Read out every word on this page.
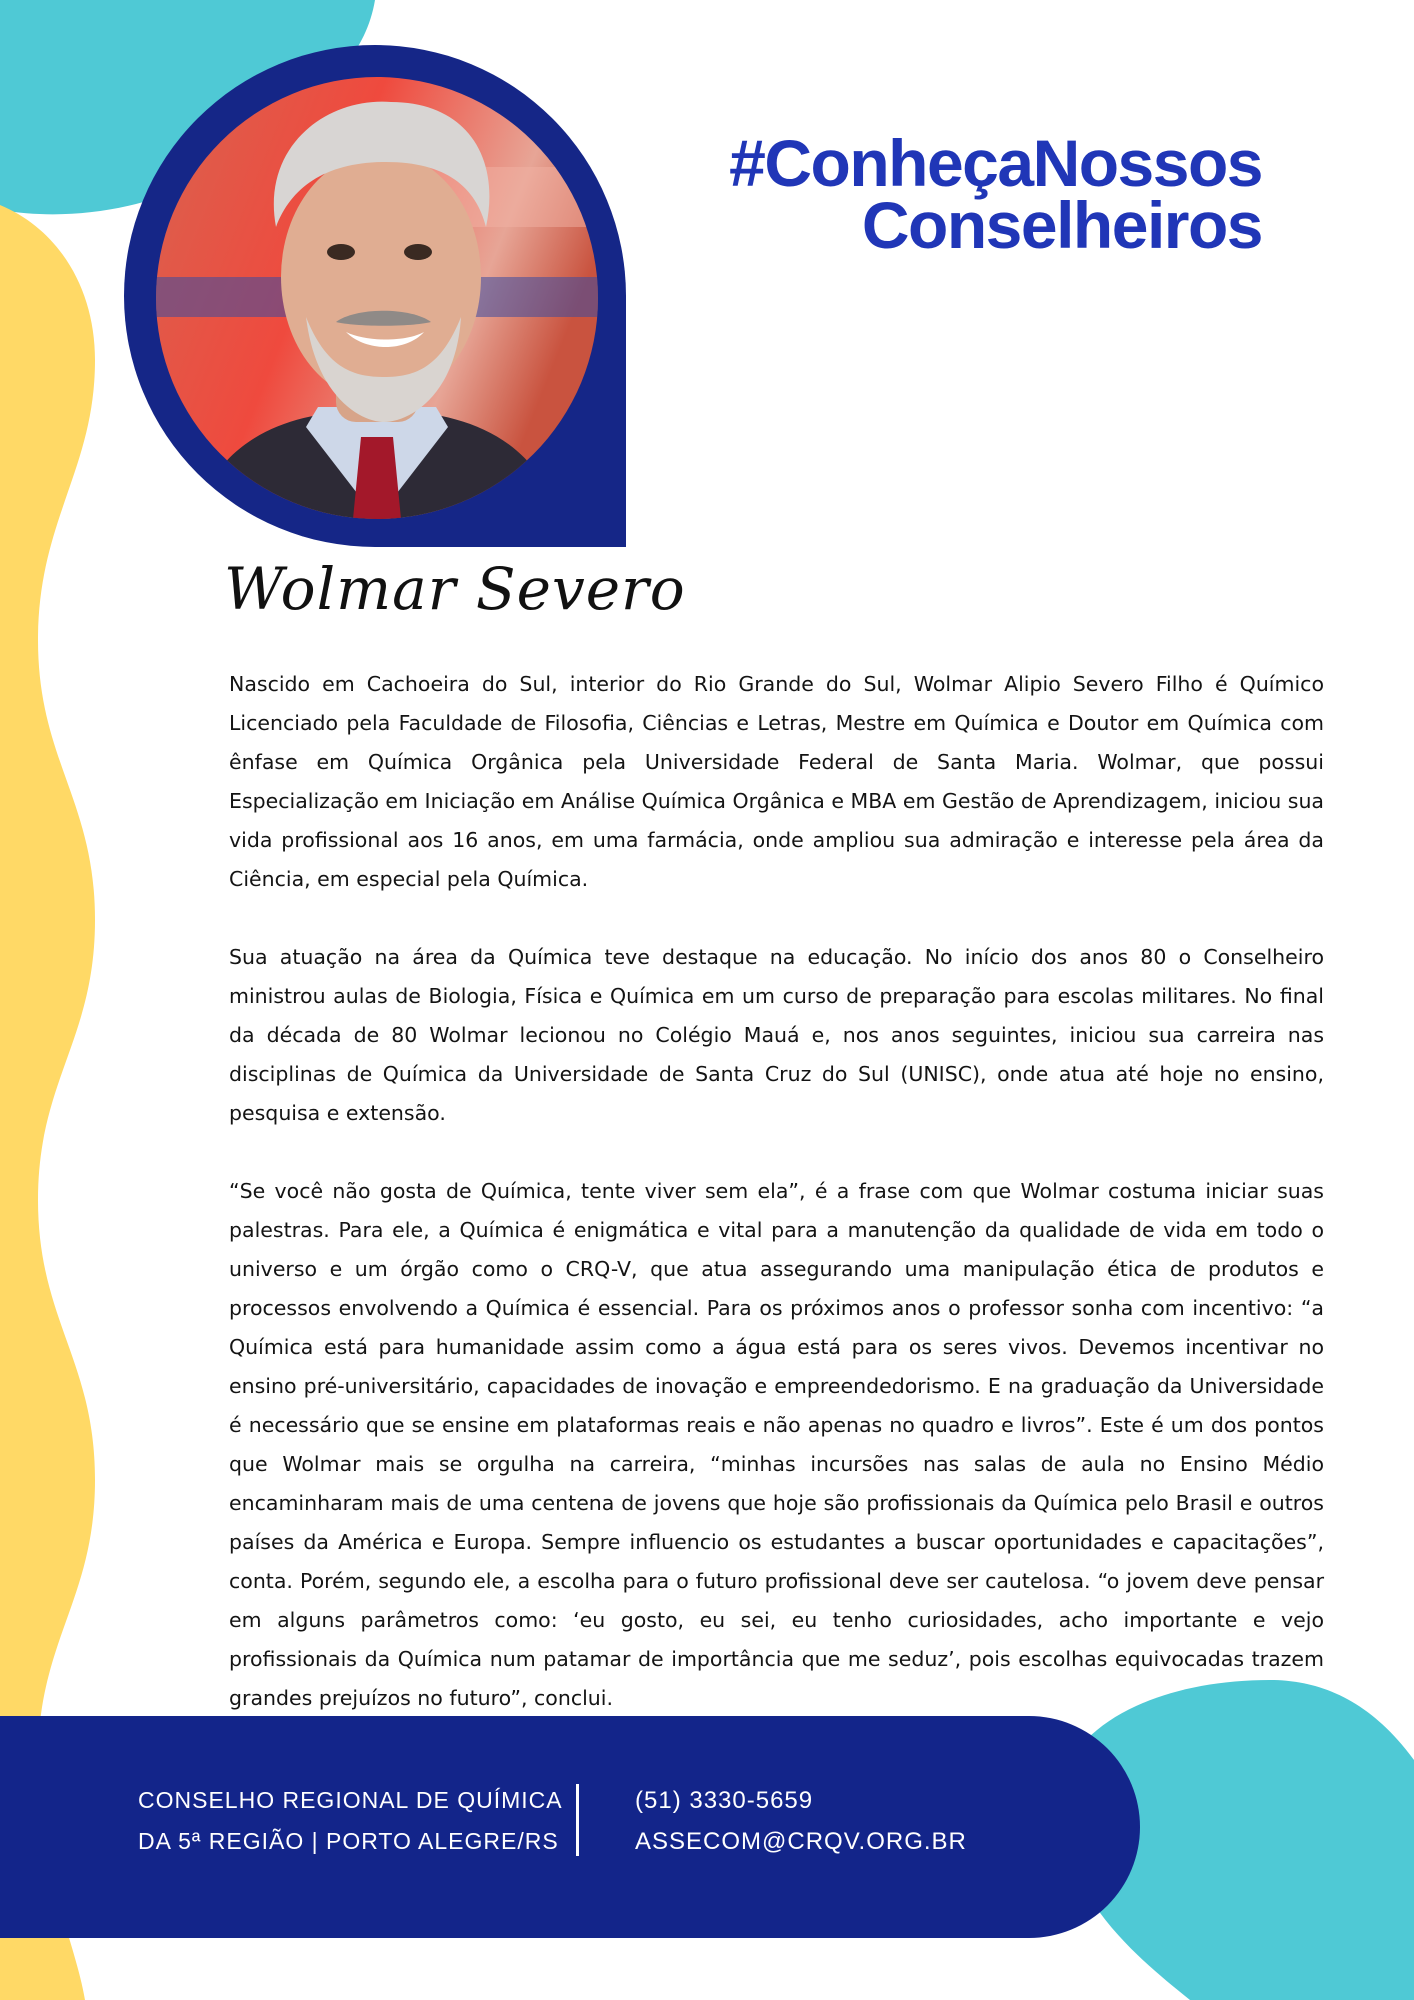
#ConheçaNossos
Conselheiros
Wolmar Severo

Nascido em Cachoeira do Sul, interior do Rio Grande do Sul, Wolmar Alipio Severo Filho é Químico Licenciado pela Faculdade de Filosofia, Ciências e Letras, Mestre em Química e Doutor em Química com ênfase em Química Orgânica pela Universidade Federal de Santa Maria. Wolmar, que possui Especialização em Iniciação em Análise Química Orgânica e MBA em Gestão de Aprendizagem, iniciou sua vida profissional aos 16 anos, em uma farmácia, onde ampliou sua admiração e interesse pela área da Ciência, em especial pela Química.

Sua atuação na área da Química teve destaque na educação. No início dos anos 80 o Conselheiro ministrou aulas de Biologia, Física e Química em um curso de preparação para escolas militares. No final da década de 80 Wolmar lecionou no Colégio Mauá e, nos anos seguintes, iniciou sua carreira nas disciplinas de Química da Universidade de Santa Cruz do Sul (UNISC), onde atua até hoje no ensino, pesquisa e extensão.

“Se você não gosta de Química, tente viver sem ela”, é a frase com que Wolmar costuma iniciar suas palestras. Para ele, a Química é enigmática e vital para a manutenção da qualidade de vida em todo o universo e um órgão como o CRQ-V, que atua assegurando uma manipulação ética de produtos e processos envolvendo a Química é essencial. Para os próximos anos o professor sonha com incentivo: “a Química está para humanidade assim como a água está para os seres vivos. Devemos incentivar no ensino pré-universitário, capacidades de inovação e empreendedorismo. E na graduação da Universidade é necessário que se ensine em plataformas reais e não apenas no quadro e livros”. Este é um dos pontos que Wolmar mais se orgulha na carreira, “minhas incursões nas salas de aula no Ensino Médio encaminharam mais de uma centena de jovens que hoje são profissionais da Química pelo Brasil e outros países da América e Europa. Sempre influencio os estudantes a buscar oportunidades e capacitações”, conta. Porém, segundo ele, a escolha para o futuro profissional deve ser cautelosa. “o jovem deve pensar em alguns parâmetros como: ‘eu gosto, eu sei, eu tenho curiosidades, acho importante e vejo profissionais da Química num patamar de importância que me seduz’, pois escolhas equivocadas trazem grandes prejuízos no futuro”, conclui.

CONSELHO REGIONAL DE QUÍMICA
DA 5ª REGIÃO | PORTO ALEGRE/RS
(51) 3330-5659
ASSECOM@CRQV.ORG.BR
